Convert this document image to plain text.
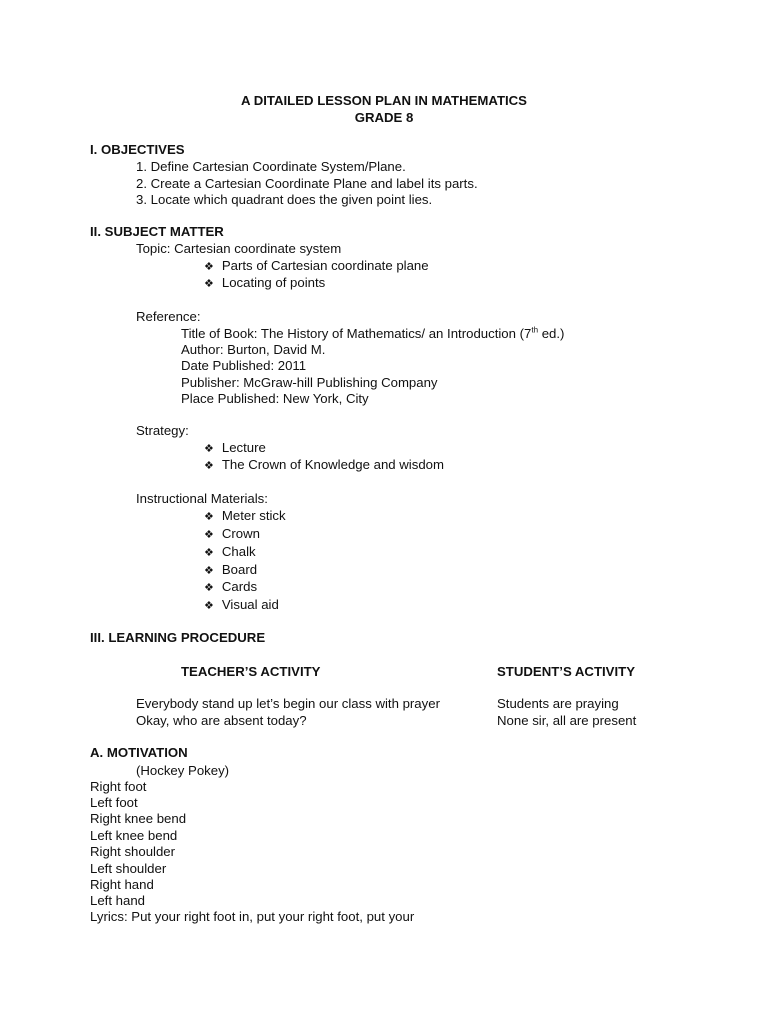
A DITAILED LESSON PLAN IN MATHEMATICS
GRADE 8
I. OBJECTIVES
1. Define Cartesian Coordinate System/Plane.
2. Create a Cartesian Coordinate Plane and label its parts.
3. Locate which quadrant does the given point lies.
II. SUBJECT MATTER
Topic: Cartesian coordinate system
❖ Parts of Cartesian coordinate plane
❖ Locating of points
Reference:
Title of Book: The History of Mathematics/ an Introduction (7th ed.)
Author: Burton, David M.
Date Published: 2011
Publisher: McGraw-hill Publishing Company
Place Published: New York, City
Strategy:
❖ Lecture
❖ The Crown of Knowledge and wisdom
Instructional Materials:
❖ Meter stick
❖ Crown
❖ Chalk
❖ Board
❖ Cards
❖ Visual aid
III. LEARNING PROCEDURE
TEACHER’S ACTIVITY	STUDENT’S ACTIVITY
Everybody stand up let’s begin our class with prayer	Students are praying
Okay, who are absent today?	None sir, all are present
A. MOTIVATION
(Hockey Pokey)
Right foot
Left foot
Right knee bend
Left knee bend
Right shoulder
Left shoulder
Right hand
Left hand
Lyrics: Put your right foot in, put your right foot, put your
